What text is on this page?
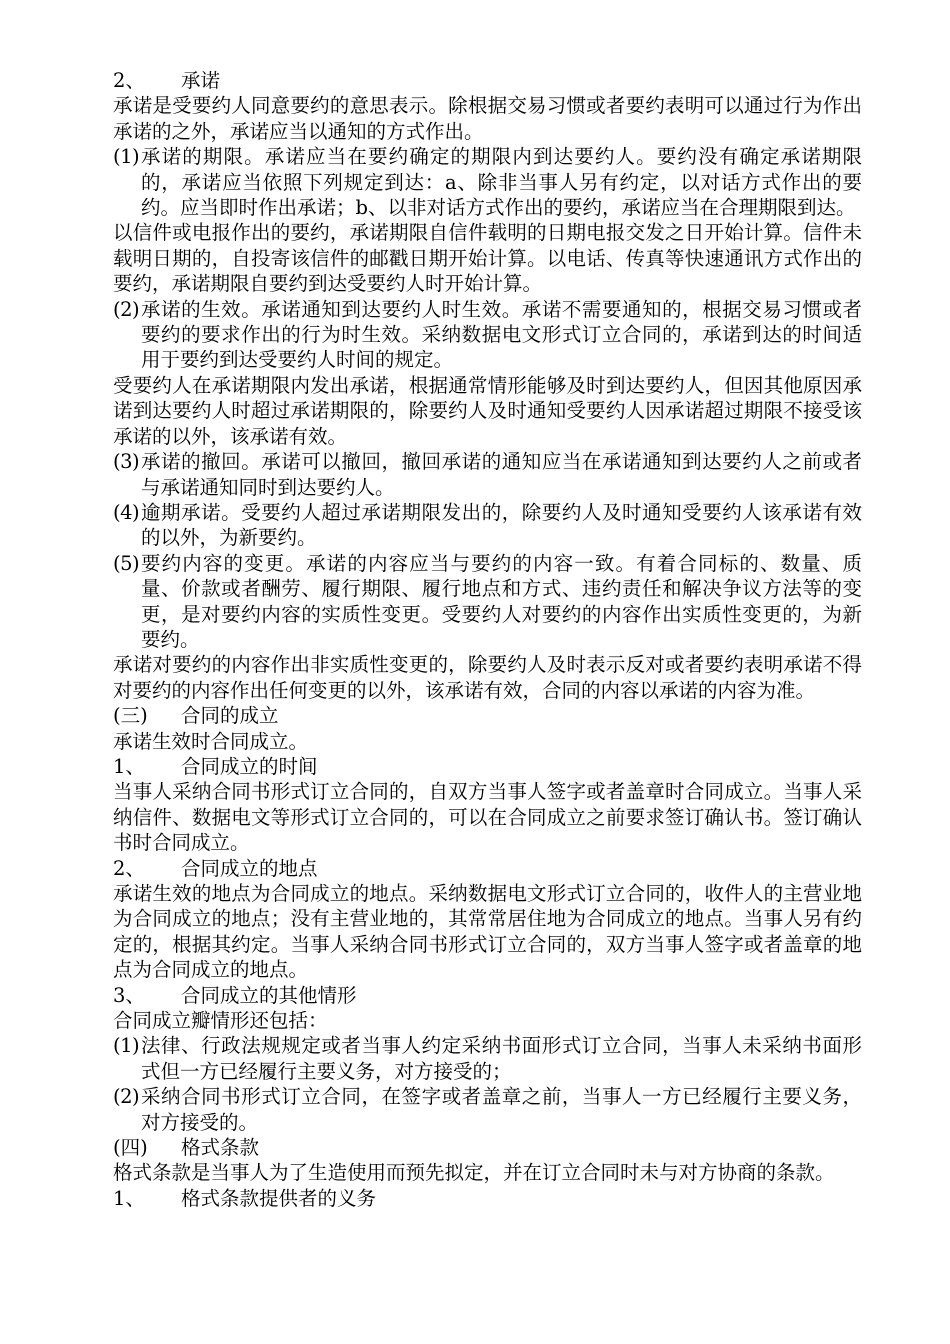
2、	承诺

承诺是受要约人同意要约的意思表示。除根据交易习惯或者要约表明可以通过行为作出承诺的之外，承诺应当以通知的方式作出。

(1) 承诺的期限。承诺应当在要约确定的期限内到达要约人。要约没有确定承诺期限的，承诺应当依照下列规定到达：a、除非当事人另有约定，以对话方式作出的要约。应当即时作出承诺；b、以非对话方式作出的要约，承诺应当在合理期限到达。

以信件或电报作出的要约，承诺期限自信件载明的日期电报交发之日开始计算。信件未载明日期的，自投寄该信件的邮戳日期开始计算。以电话、传真等快速通讯方式作出的要约，承诺期限自要约到达受要约人时开始计算。

(2) 承诺的生效。承诺通知到达要约人时生效。承诺不需要通知的，根据交易习惯或者要约的要求作出的行为时生效。采纳数据电文形式订立合同的，承诺到达的时间适用于要约到达受要约人时间的规定。

受要约人在承诺期限内发出承诺，根据通常情形能够及时到达要约人，但因其他原因承诺到达要约人时超过承诺期限的，除要约人及时通知受要约人因承诺超过期限不接受该承诺的以外，该承诺有效。

(3) 承诺的撤回。承诺可以撤回，撤回承诺的通知应当在承诺通知到达要约人之前或者与承诺通知同时到达要约人。
(4) 逾期承诺。受要约人超过承诺期限发出的，除要约人及时通知受要约人该承诺有效的以外，为新要约。
(5) 要约内容的变更。承诺的内容应当与要约的内容一致。有着合同标的、数量、质量、价款或者酬劳、履行期限、履行地点和方式、违约责任和解决争议方法等的变更，是对要约内容的实质性变更。受要约人对要约的内容作出实质性变更的，为新要约。

承诺对要约的内容作出非实质性变更的，除要约人及时表示反对或者要约表明承诺不得对要约的内容作出任何变更的以外，该承诺有效，合同的内容以承诺的内容为准。

(三)	合同的成立

承诺生效时合同成立。

1、	合同成立的时间

当事人采纳合同书形式订立合同的，自双方当事人签字或者盖章时合同成立。当事人采纳信件、数据电文等形式订立合同的，可以在合同成立之前要求签订确认书。签订确认书时合同成立。

2、	合同成立的地点

承诺生效的地点为合同成立的地点。采纳数据电文形式订立合同的，收件人的主营业地为合同成立的地点；没有主营业地的，其常常居住地为合同成立的地点。当事人另有约定的，根据其约定。当事人采纳合同书形式订立合同的，双方当事人签字或者盖章的地点为合同成立的地点。

3、	合同成立的其他情形

合同成立瓣情形还包括：

(1) 法律、行政法规规定或者当事人约定采纳书面形式订立合同，当事人未采纳书面形式但一方已经履行主要义务，对方接受的；
(2) 采纳合同书形式订立合同，在签字或者盖章之前，当事人一方已经履行主要义务，对方接受的。

(四)	格式条款

格式条款是当事人为了生造使用而预先拟定，并在订立合同时未与对方协商的条款。

1、	格式条款提供者的义务
